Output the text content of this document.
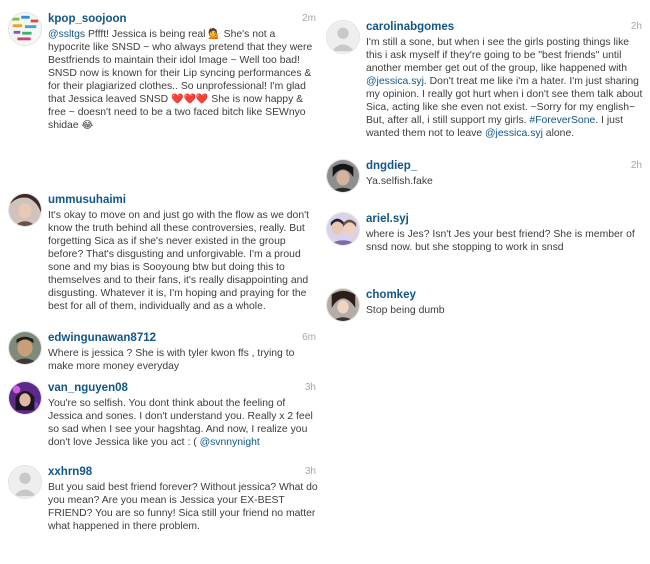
kpop_soojoon	2m
@ssltgs Pffft! Jessica is being real 💁 She's not a hypocrite like SNSD ~ who always pretend that they were Bestfriends to maintain their idol Image ~ Well too bad! SNSD now is known for their Lip syncing performances & for their plagiarized clothes.. So unprofessional! I'm glad that Jessica leaved SNSD ❤️❤️❤️ She is now happy & free ~ doesn't need to be a two faced bitch like SEWnyo shidae 😂
ummusuhaimi
It's okay to move on and just go with the flow as we don't know the truth behind all these controversies, really. But forgetting Sica as if she's never existed in the group before? That's disgusting and unforgivable. I'm a proud sone and my bias is Sooyoung btw but doing this to themselves and to their fans, it's really disappointing and disgusting. Whatever it is, I'm hoping and praying for the best for all of them, individually and as a whole.
edwingunawan8712	6m
Where is jessica ? She is with tyler kwon ffs , trying to make more money everyday
van_nguyen08	3h
You're so selfish. You dont think about the feeling of Jessica and sones. I don't understand you. Really x 2 feel so sad when I see your hagshtag. And now, I realize you don't love Jessica like you act : ( @svnnynight
xxhrn98	3h
But you said best friend forever? Without jessica? What do you mean? Are you mean is Jessica your EX-BEST FRIEND? You are so funny! Sica still your friend no matter what happened in there problem.
carolinabgomes	2h
I'm still a sone, but when i see the girls posting things like this i ask myself if they're going to be "best friends" until another member get out of the group, like happened with @jessica.syj. Don't treat me like i'm a hater. I'm just sharing my opinion. I really got hurt when i don't see them talk about Sica, acting like she even not exist. ~Sorry for my english~ But, after all, i still support my girls. #ForeverSone. I just wanted them not to leave @jessica.syj alone.
dngdiep_	2h
Ya.selfish.fake
ariel.syj
where is Jes? Isn't Jes your best friend? She is member of snsd now. but she stopping to work in snsd
chomkey
Stop being dumb
